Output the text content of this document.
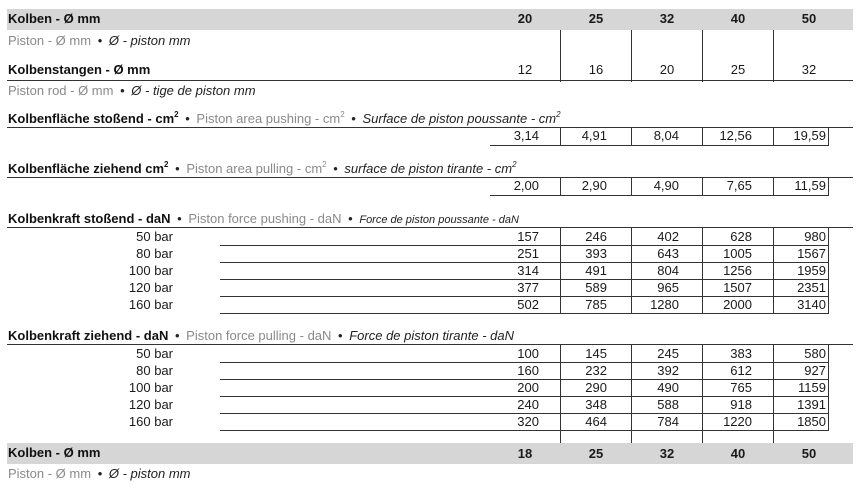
Kolben - Ø mm	20	25	32	40	50
Piston - Ø mm • Ø - piston mm
Kolbenstangen - Ø mm	12	16	20	25	32
Piston rod - Ø mm • Ø - tige de piston mm
Kolbenfläche stoßend - $cm^2$ • Piston area pushing - $cm^2$ • Surface de piston poussante - $cm^2$
3,14	4,91	8,04	12,56	19,59
Kolbenfläche ziehend $cm^2$ • Piston area pulling - $cm^2$ • surface de piston tirante - $cm^2$
2,00	2,90	4,90	7,65	11,59
Kolbenkraft stoßend - daN • Piston force pushing - daN • Force de piston poussante - daN
50 bar	157	246	402	628	980
80 bar	251	393	643	1005	1567
100 bar	314	491	804	1256	1959
120 bar	377	589	965	1507	2351
160 bar	502	785	1280	2000	3140
Kolbenkraft ziehend - daN • Piston force pulling - daN • Force de piston tirante - daN
50 bar	100	145	245	383	580
80 bar	160	232	392	612	927
100 bar	200	290	490	765	1159
120 bar	240	348	588	918	1391
160 bar	320	464	784	1220	1850
Kolben - Ø mm	18	25	32	40	50
Piston - Ø mm • Ø - piston mm
